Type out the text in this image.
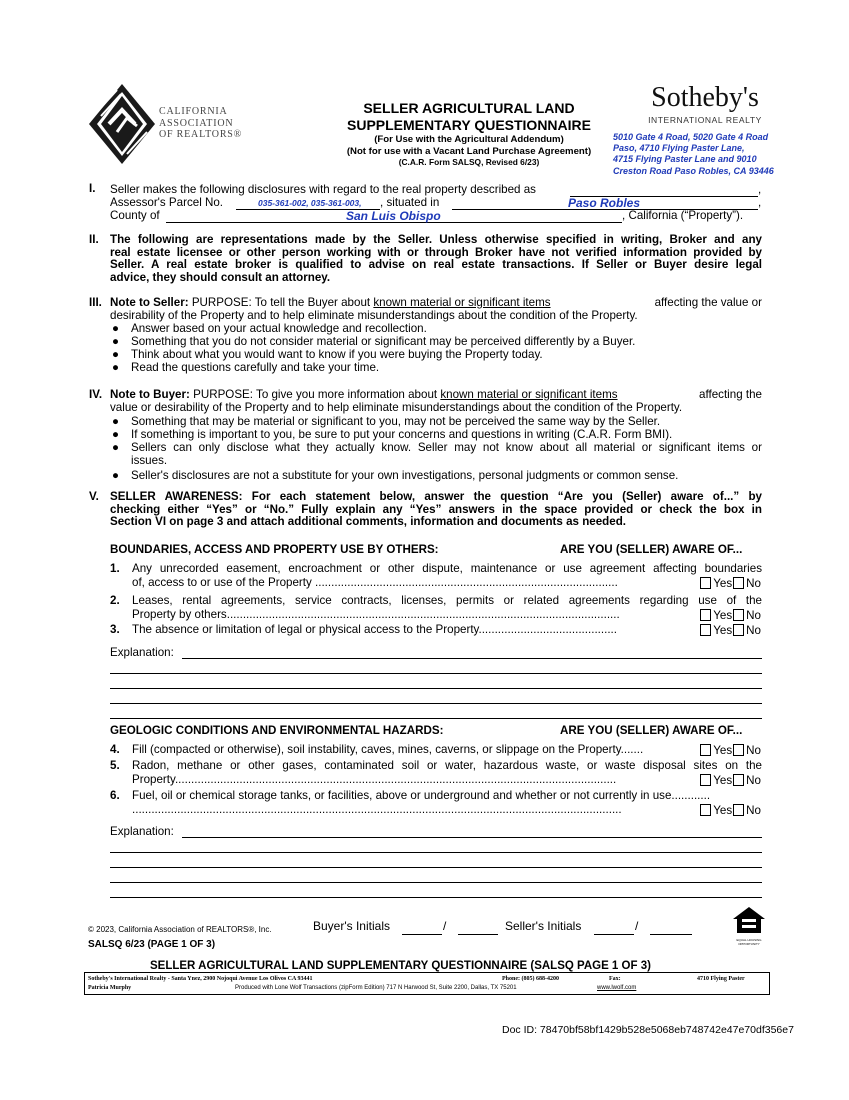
CALIFORNIA
ASSOCIATION
OF REALTORS®
SELLER AGRICULTURAL LAND
SUPPLEMENTARY QUESTIONNAIRE
(For Use with the Agricultural Addendum)
(Not for use with a Vacant Land Purchase Agreement)
(C.A.R. Form SALSQ, Revised 6/23)
Sotheby's
INTERNATIONAL REALTY
5010 Gate 4 Road, 5020 Gate 4 Road
Paso, 4710 Flying Paster Lane,
4715 Flying Paster Lane and 9010
Creston Road Paso Robles, CA 93446
I. Seller makes the following disclosures with regard to the real property described as	,
Assessor's Parcel No.	035-361-002, 035-361-003, , situated in	Paso Robles	,
County of	San Luis Obispo	, California (“Property”).
II. The following are representations made by the Seller. Unless otherwise specified in writing, Broker and any
real estate licensee or other person working with or through Broker have not verified information provided by
Seller. A real estate broker is qualified to advise on real estate transactions. If Seller or Buyer desire legal
advice, they should consult an attorney.
III. Note to Seller: PURPOSE: To tell the Buyer about known material or significant items	affecting the value or
desirability of the Property and to help eliminate misunderstandings about the condition of the Property.
● Answer based on your actual knowledge and recollection.
● Something that you do not consider material or significant may be perceived differently by a Buyer.
● Think about what you would want to know if you were buying the Property today.
● Read the questions carefully and take your time.
IV. Note to Buyer: PURPOSE: To give you more information about known material or significant items	affecting the
value or desirability of the Property and to help eliminate misunderstandings about the condition of the Property.
● Something that may be material or significant to you, may not be perceived the same way by the Seller.
● If something is important to you, be sure to put your concerns and questions in writing (C.A.R. Form BMI).
● Sellers can only disclose what they actually know. Seller may not know about all material or significant items or
issues.
● Seller's disclosures are not a substitute for your own investigations, personal judgments or common sense.
V. SELLER AWARENESS: For each statement below, answer the question “Are you (Seller) aware of...” by
checking either “Yes” or “No.” Fully explain any “Yes” answers in the space provided or check the box in
Section VI on page 3 and attach additional comments, information and documents as needed.
BOUNDARIES, ACCESS AND PROPERTY USE BY OTHERS:	ARE YOU (SELLER) AWARE OF...
1. Any unrecorded easement, encroachment or other dispute, maintenance or use agreement affecting boundaries
of, access to or use of the Property ..............................................................................................	Yes No
2. Leases, rental agreements, service contracts, licenses, permits or related agreements regarding use of the
Property by others..........................................................................................................................	Yes No
3. The absence or limitation of legal or physical access to the Property...........................................	Yes No
Explanation:
GEOLOGIC CONDITIONS AND ENVIRONMENTAL HAZARDS:	ARE YOU (SELLER) AWARE OF...
4. Fill (compacted or otherwise), soil instability, caves, mines, caverns, or slippage on the Property.......	Yes No
5. Radon, methane or other gases, contaminated soil or water, hazardous waste, or waste disposal sites on the
Property.........................................................................................................................................	Yes No
6. Fuel, oil or chemical storage tanks, or facilities, above or underground and whether or not currently in use............
........................................................................................................................................................	Yes No
Explanation:
© 2023, California Association of REALTORS®, Inc.	Buyer's Initials	/	Seller's Initials	/
EQUAL HOUSING OPPORTUNITY
SALSQ 6/23 (PAGE 1 OF 3)
SELLER AGRICULTURAL LAND SUPPLEMENTARY QUESTIONNAIRE (SALSQ PAGE 1 OF 3)
Sotheby's International Realty - Santa Ynez, 2900 Nojoqui Avenue Los Olivos CA 93441	Phone: (805) 688-4200	Fax:	4710 Flying Paster
Patricia Murphy	Produced with Lone Wolf Transactions (zipForm Edition) 717 N Harwood St, Suite 2200, Dallas, TX 75201	www.lwolf.com
Doc ID: 78470bf58bf1429b528e5068eb748742e47e70df356e7
